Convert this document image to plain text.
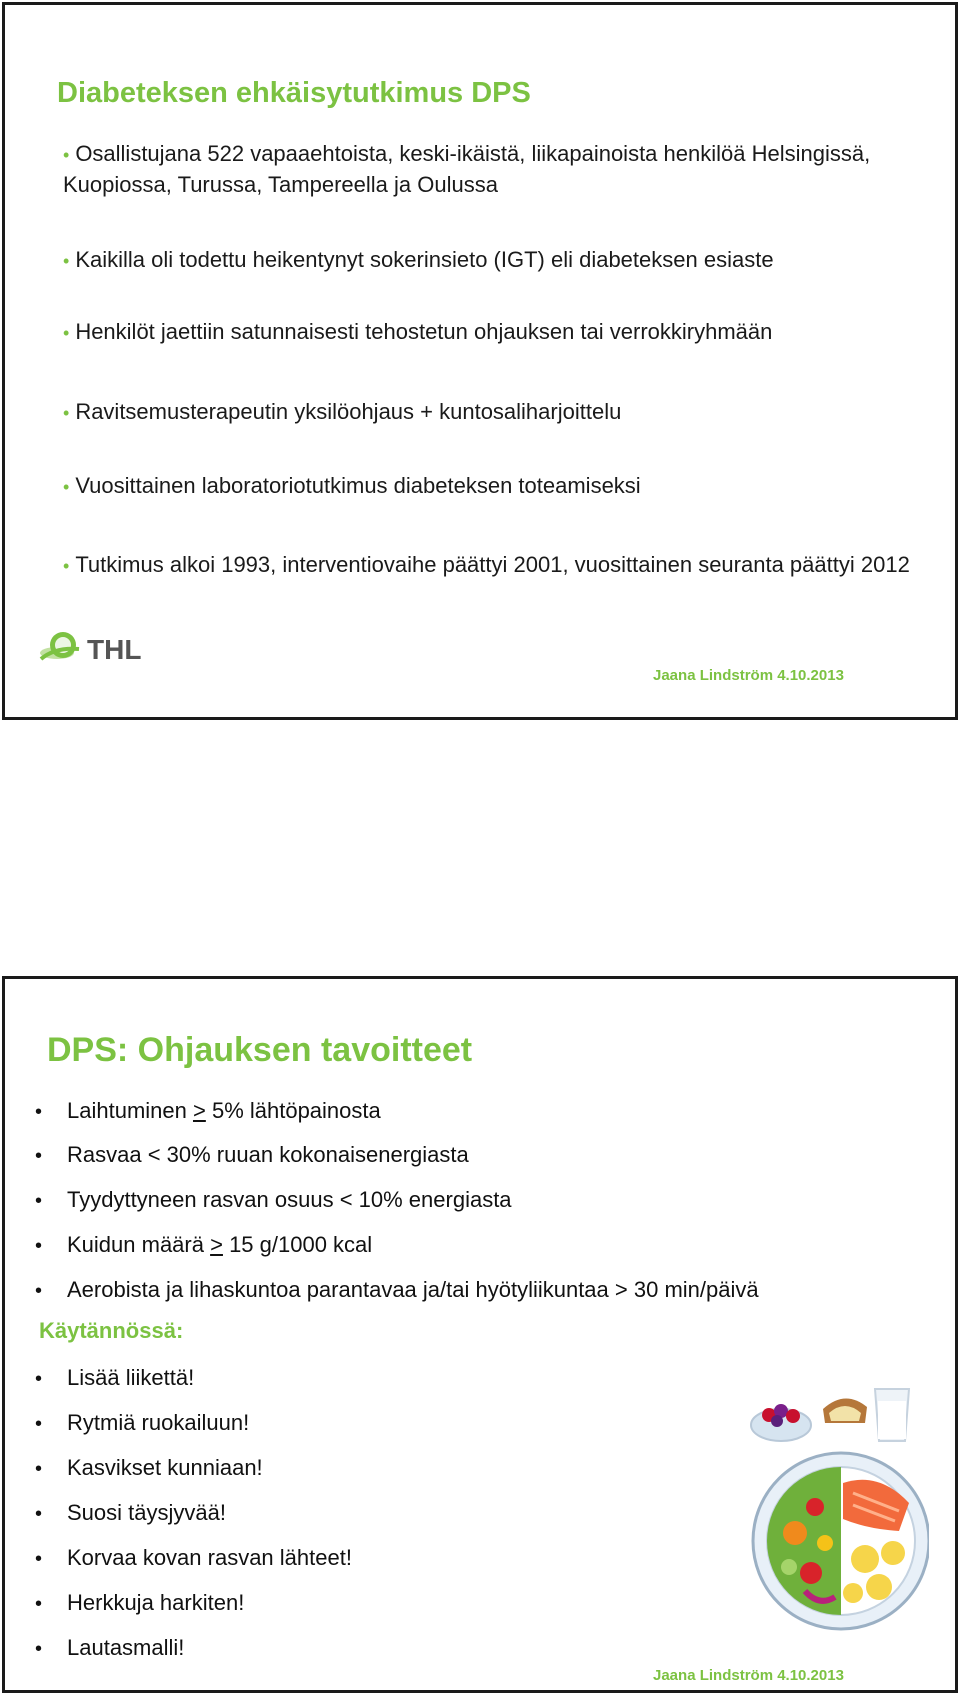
Diabeteksen ehkäisytutkimus DPS
• Osallistujana 522 vapaaehtoista, keski-ikäistä, liikapainoista henkilöä Helsingissä, Kuopiossa, Turussa, Tampereella ja Oulussa
• Kaikilla oli todettu heikentynyt sokerinsieto (IGT) eli diabeteksen esiaste
• Henkilöt jaettiin satunnaisesti tehostetun ohjauksen tai verrokkiryhmään
• Ravitsemusterapeutin yksilöohjaus + kuntosaliharjoittelu
• Vuosittainen laboratoriotutkimus diabeteksen toteamiseksi
• Tutkimus alkoi 1993, interventiovaihe päättyi 2001, vuosittainen seuranta päättyi 2012
THL
Jaana Lindström 4.10.2013
DPS: Ohjauksen tavoitteet
• Laihtuminen > 5% lähtöpainosta
• Rasvaa < 30% ruuan kokonaisenergiasta
• Tyydyttyneen rasvan osuus < 10% energiasta
• Kuidun määrä > 15 g/1000 kcal
• Aerobista ja lihaskuntoa parantavaa ja/tai hyötyliikuntaa > 30 min/päivä
Käytännössä:
• Lisää liikettä!
• Rytmiä ruokailuun!
• Kasvikset kunniaan!
• Suosi täysjyvää!
• Korvaa kovan rasvan lähteet!
• Herkkuja harkiten!
• Lautasmalli!
Jaana Lindström 4.10.2013
